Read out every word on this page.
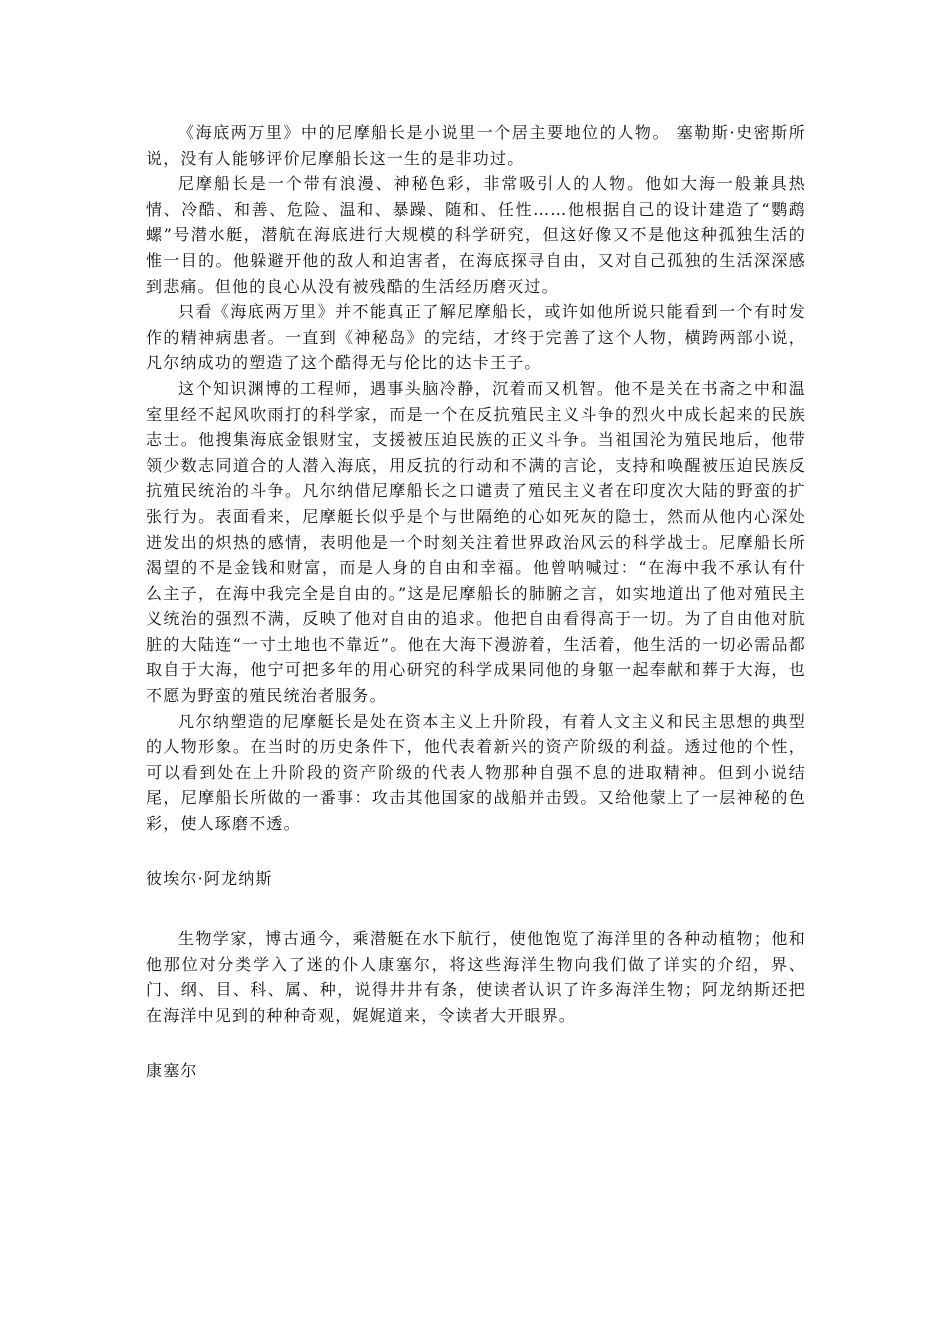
《海底两万里》中的尼摩船长是小说里一个居主要地位的人物。 塞勒斯·史密斯所说，没有人能够评价尼摩船长这一生的是非功过。

尼摩船长是一个带有浪漫、神秘色彩，非常吸引人的人物。他如大海一般兼具热情、冷酷、和善、危险、温和、暴躁、随和、任性……他根据自己的设计建造了“鹦鹉螺”号潜水艇，潜航在海底进行大规模的科学研究，但这好像又不是他这种孤独生活的惟一目的。他躲避开他的敌人和迫害者，在海底探寻自由，又对自己孤独的生活深深感到悲痛。但他的良心从没有被残酷的生活经历磨灭过。

只看《海底两万里》并不能真正了解尼摩船长，或许如他所说只能看到一个有时发作的精神病患者。一直到《神秘岛》的完结，才终于完善了这个人物，横跨两部小说，凡尔纳成功的塑造了这个酷得无与伦比的达卡王子。

这个知识渊博的工程师，遇事头脑冷静，沉着而又机智。他不是关在书斋之中和温室里经不起风吹雨打的科学家，而是一个在反抗殖民主义斗争的烈火中成长起来的民族志士。他搜集海底金银财宝，支援被压迫民族的正义斗争。当祖国沦为殖民地后，他带领少数志同道合的人潜入海底，用反抗的行动和不满的言论，支持和唤醒被压迫民族反抗殖民统治的斗争。凡尔纳借尼摩船长之口谴责了殖民主义者在印度次大陆的野蛮的扩张行为。表面看来，尼摩艇长似乎是个与世隔绝的心如死灰的隐士，然而从他内心深处迸发出的炽热的感情，表明他是一个时刻关注着世界政治风云的科学战士。尼摩船长所渴望的不是金钱和财富，而是人身的自由和幸福。他曾呐喊过：“在海中我不承认有什么主子，在海中我完全是自由的。”这是尼摩船长的肺腑之言，如实地道出了他对殖民主义统治的强烈不满，反映了他对自由的追求。他把自由看得高于一切。为了自由他对肮脏的大陆连“一寸土地也不靠近”。他在大海下漫游着，生活着，他生活的一切必需品都取自于大海，他宁可把多年的用心研究的科学成果同他的身躯一起奉献和葬于大海，也不愿为野蛮的殖民统治者服务。

凡尔纳塑造的尼摩艇长是处在资本主义上升阶段，有着人文主义和民主思想的典型的人物形象。在当时的历史条件下，他代表着新兴的资产阶级的利益。透过他的个性，可以看到处在上升阶段的资产阶级的代表人物那种自强不息的进取精神。但到小说结尾，尼摩船长所做的一番事：攻击其他国家的战船并击毁。又给他蒙上了一层神秘的色彩，使人琢磨不透。

彼埃尔·阿龙纳斯

生物学家，博古通今，乘潜艇在水下航行，使他饱览了海洋里的各种动植物；他和他那位对分类学入了迷的仆人康塞尔，将这些海洋生物向我们做了详实的介绍，界、门、纲、目、科、属、种，说得井井有条，使读者认识了许多海洋生物；阿龙纳斯还把在海洋中见到的种种奇观，娓娓道来，令读者大开眼界。

康塞尔
